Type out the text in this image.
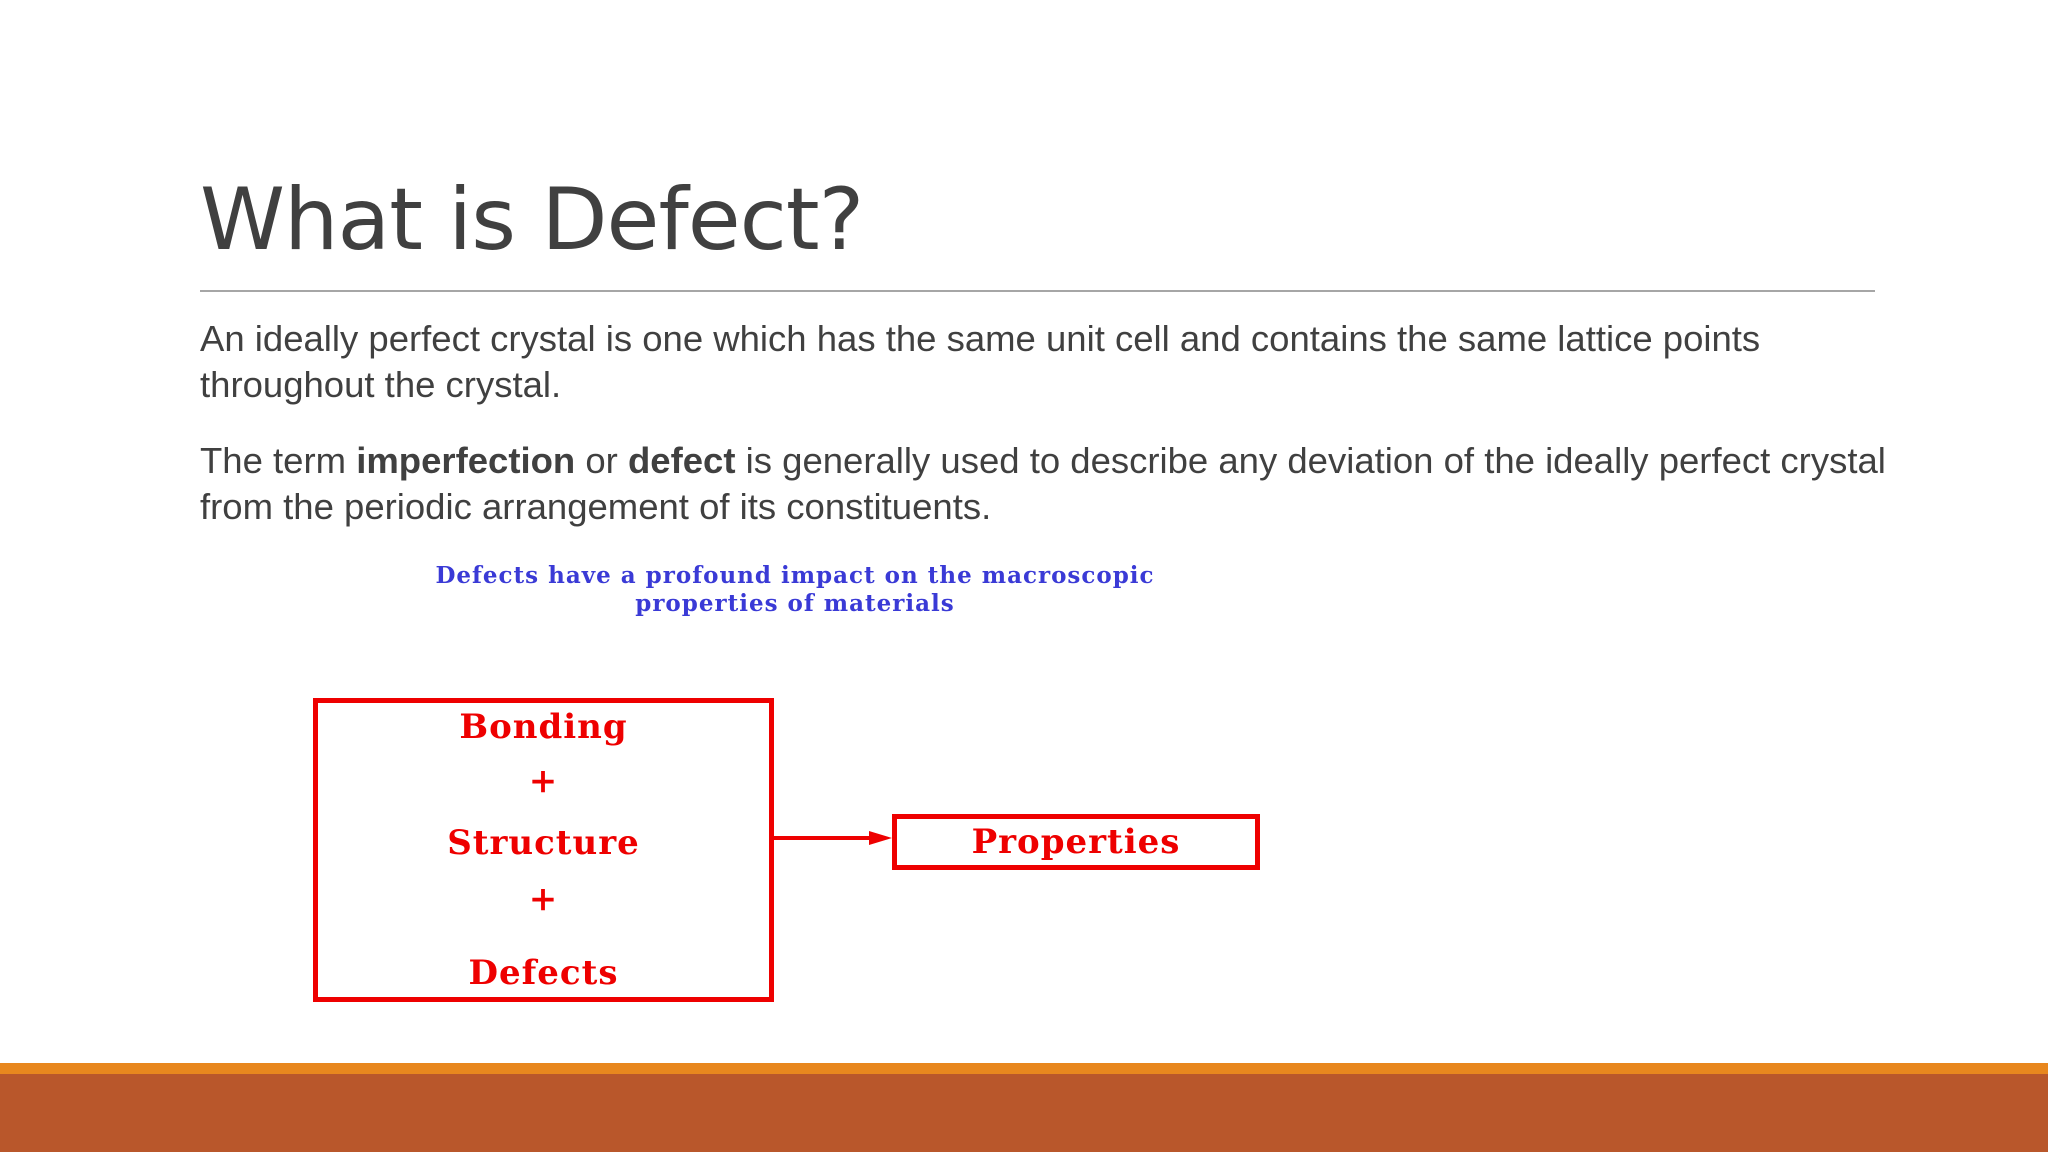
What is Defect?

An ideally perfect crystal is one which has the same unit cell and contains the same lattice points throughout the crystal.

The term imperfection or defect is generally used to describe any deviation of the ideally perfect crystal from the periodic arrangement of its constituents.

Defects have a profound impact on the macroscopic
properties of materials

Bonding
+
Structure
+
Defects
Properties
